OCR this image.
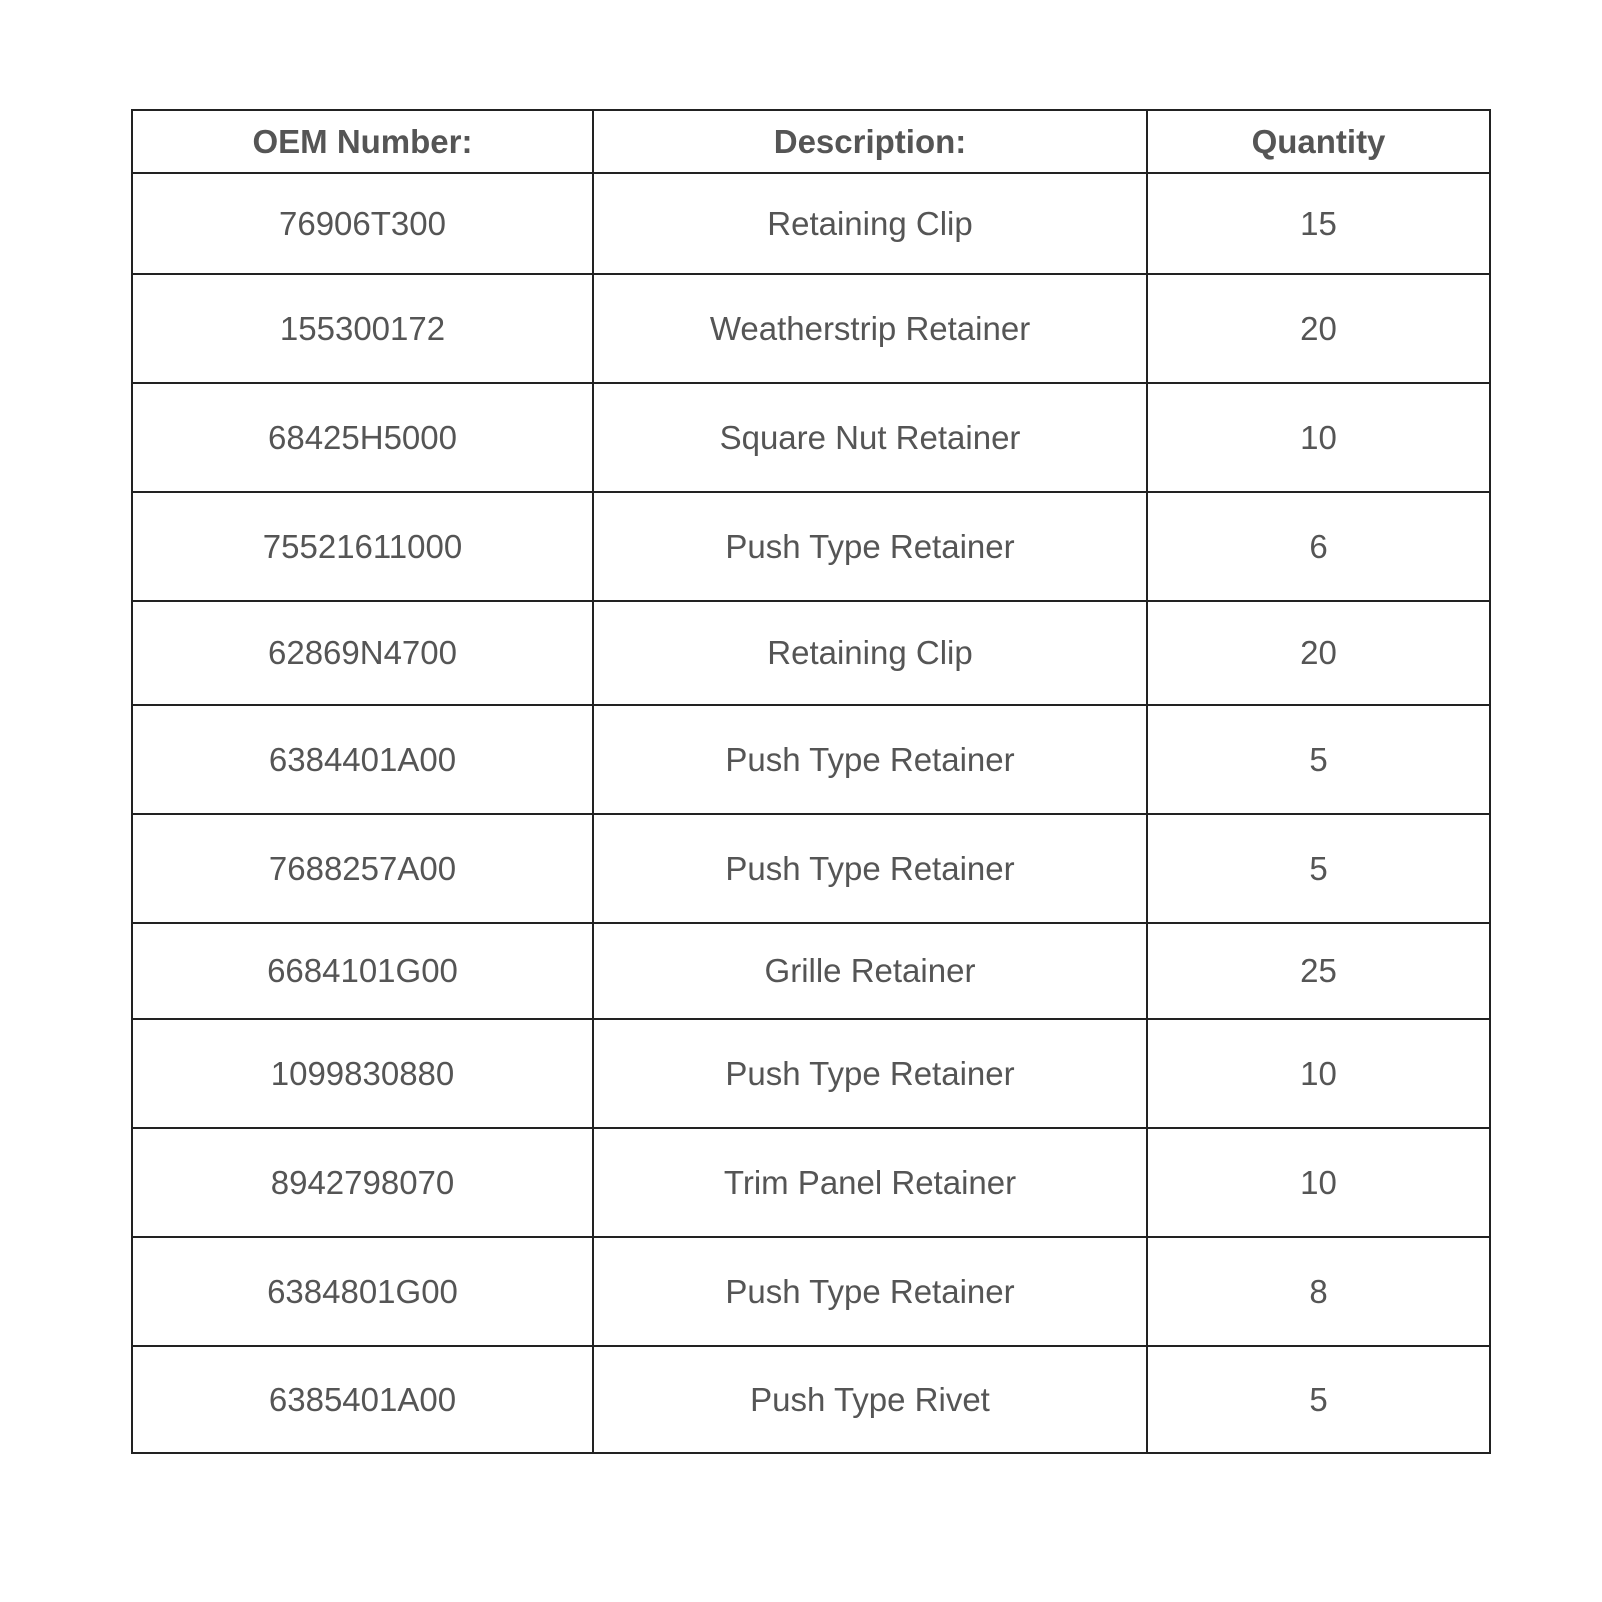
OEM Number:	Description:	Quantity
76906T300	Retaining Clip	15
155300172	Weatherstrip Retainer	20
68425H5000	Square Nut Retainer	10
75521611000	Push Type Retainer	6
62869N4700	Retaining Clip	20
6384401A00	Push Type Retainer	5
7688257A00	Push Type Retainer	5
6684101G00	Grille Retainer	25
1099830880	Push Type Retainer	10
8942798070	Trim Panel Retainer	10
6384801G00	Push Type Retainer	8
6385401A00	Push Type Rivet	5
